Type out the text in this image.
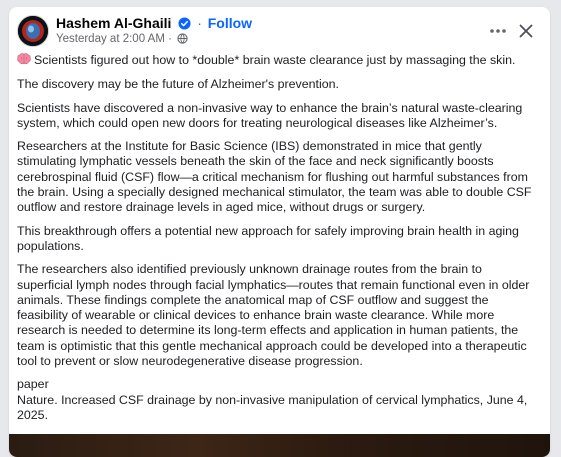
Hashem Al-Ghaili · Follow
Yesterday at 2:00 AM ·

Scientists figured out how to *double* brain waste clearance just by massaging the skin.

The discovery may be the future of Alzheimer's prevention.

Scientists have discovered a non-invasive way to enhance the brain’s natural waste-clearing system, which could open new doors for treating neurological diseases like Alzheimer’s.

Researchers at the Institute for Basic Science (IBS) demonstrated in mice that gently stimulating lymphatic vessels beneath the skin of the face and neck significantly boosts cerebrospinal fluid (CSF) flow—a critical mechanism for flushing out harmful substances from the brain. Using a specially designed mechanical stimulator, the team was able to double CSF outflow and restore drainage levels in aged mice, without drugs or surgery.

This breakthrough offers a potential new approach for safely improving brain health in aging populations.

The researchers also identified previously unknown drainage routes from the brain to superficial lymph nodes through facial lymphatics—routes that remain functional even in older animals. These findings complete the anatomical map of CSF outflow and suggest the feasibility of wearable or clinical devices to enhance brain waste clearance. While more research is needed to determine its long-term effects and application in human patients, the team is optimistic that this gentle mechanical approach could be developed into a therapeutic tool to prevent or slow neurodegenerative disease progression.

paper

Nature. Increased CSF drainage by non-invasive manipulation of cervical lymphatics, June 4, 2025.
